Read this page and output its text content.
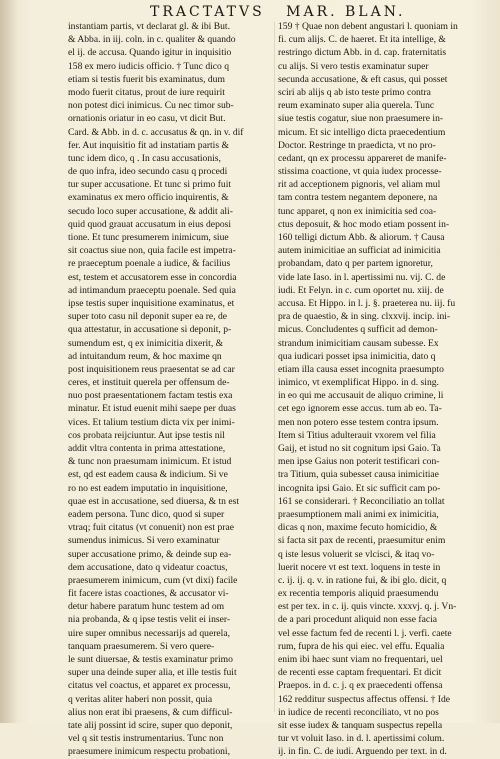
TRACTATVS MAR. BLAN.
instantiam partis, vt declarat gl. & ibi But.
& Abba. in iij. coln. in c. qualiter & quando
el ij. de accusa. Quando igitur in inquisitio
158 ex mero iudicis officio. † Tunc dico q
etiam si testis fuerit bis examinatus, dum
modo fuerit citatus, prout de iure requirit
non potest dici inimicus. Cu nec timor sub-
ornationis oriatur in eo casu, vt dicit But.
Card. & Abb. in d. c. accusatus & qn. in v. dif
fer. Aut inquisitio fit ad instatiam partis &
tunc idem dico, q . In casu accusationis,
de quo infra, ideo secundo casu q procedi
tur super accusatione. Et tunc si primo fuit
examinatus ex mero officio inquirentis, &
secudo loco super accusatione, & addit ali-
quid quod grauat accusatum in eius deposi
tione. Et tunc presumerem inimicum, siue
sit coactus siue non, quia facile est impetra-
re praeceptum poenale a iudice, & facilius
est, testem et accusatorem esse in concordia
ad intimandum praeceptu poenale. Sed quia
ipse testis super inquisitione examinatus, et
super toto casu nil deponit super ea re, de
qua attestatur, in accusatione si deponit, p-
sumendum est, q ex inimicitia dixerit, &
ad intuitandum reum, & hoc maxime qn
post inquisitionem reus praesentat se ad car
ceres, et instituit querela per offensum de-
nuo post praesentationem factam testis exa
minatur. Et istud euenit mihi saepe per duas
vices. Et talium testium dicta vix per inimi-
cos probata reijciuntur. Aut ipse testis nil
addit vltra contenta in prima attestatione,
& tunc non praesumam inimicum. Et istud
est, qd est eadem causa & indicium. Si ve
ro no est eadem imputatio in inquisitione,
quae est in accusatione, sed diuersa, & tn est
eadem persona. Tunc dico, quod si super
vtraq; fuit citatus (vt conuenit) non est prae
sumendus inimicus. Si vero examinatur
super accusatione primo, & deinde sup ea-
dem accusatione, dato q videatur coactus,
praesumerem inimicum, cum (vt dixi) facile
fit facere istas coactiones, & accusator vi-
detur habere paratum hunc testem ad om
nia probanda, & q ipse testis velit ei inser-
uire super omnibus necessarijs ad querela,
tanquam praesumerem. Si vero quere-
le sunt diuersae, & testis examinatur primo
super una deinde super alia, et ille testis fuit
citatus vel coactus, et apparet ex processu,
q veritas aliter haberi non possit, quia
alius non erat ibi praesens, & cum difficul-
tate alij possint id scire, super quo deponit,
vel q sit testis instrumentarius. Tunc non
praesumere inimicum respectu probationi,
159 † Quae non debent angustari l. quoniam in
fi. cum alijs. C. de haeret. Et ita intellige, &
restringo dictum Abb. in d. cap. fraternitatis
cu alijs. Si vero testis examinatur super
secunda accusatione, & eft casus, qui posset
sciri ab alijs q ab isto teste primo contra
reum examinato super alia querela. Tunc
siue testis cogatur, siue non praesumere in-
micum. Et sic intelligo dicta praecedentium
Doctor. Restringe tn praedicta, vt no pro-
cedant, qn ex processu appareret de manife-
stissima coactione, vt quia iudex processe-
rit ad acceptionem pignoris, vel aliam mul
tam contra testem negantem deponere, na
tunc apparet, q non ex inimicitia sed coa-
ctus deposuit, & hoc modo etiam possent in-
160 telligi dictum Abb. & aliorum. † Causa
autem inimicitiae an sufficiat ad inimicitia
probandam, dato q per partem ignoretur,
vide late Iaso. in l. apertissimi nu. vij. C. de
iudi. Et Felyn. in c. cum oportet nu. xiij. de
accusa. Et Hippo. in l. j. §. praeterea nu. iij. fu
pra de quaestio, & in sing. clxxvij. incip. ini-
micus. Concludentes q sufficit ad demon-
strandum inimicitiam causam subesse. Ex
qua iudicari posset ipsa inimicitia, dato q
etiam illa causa esset incognita praesumpto
inimico, vt exemplificat Hippo. in d. sing.
in eo qui me accusauit de aliquo crimine, li
cet ego ignorem esse accus. tum ab eo. Ta-
men non potero esse testem contra ipsum.
Item si Titius adulterauit vxorem vel filia
Gaij, et istud no sit cognitum ipsi Gaio. Ta
men ipse Gaius non poterit testificari con-
tra Titium, quia subesset causa inimicitiae
incognita ipsi Gaio. Et sic sufficit cam po-
161 se considerari. † Reconciliatio an tollat
praesumptionem mali animi ex inimicitia,
dicas q non, maxime fecuto homicidio, &
si facta sit pax de recenti, praesumitur enim
q iste lesus voluerit se vlcisci, & itaq vo-
luerit nocere vt est text. loquens in teste in
c. ij. ij. q. v. in ratione fui, & ibi glo. dicit, q
ex recentia temporis aliquid praesumendu
est per tex. in c. ij. quis vincte. xxxvj. q. j. Vn-
de a pari procedunt aliquid non esse facia
vel esse factum fed de recenti l. j. verfi. caete
rum, fupra de his qui eiec. vel effu. Equalia
enim ibi haec sunt viam no frequentari, uel
de recenti esse captam frequentari. Et dicit
Praepos. in d. c. j. q ex praecedenti offensa
162 redditur suspectus affectus offensi. † Ide
in iudice de recenti reconciliato, vt no pos
sit esse iudex & tanquam suspectus repella
tur vt voluit Iaso. in d. l. apertissimi colum.
ij. in fin. C. de iudi. Arguendo per text. in d.
